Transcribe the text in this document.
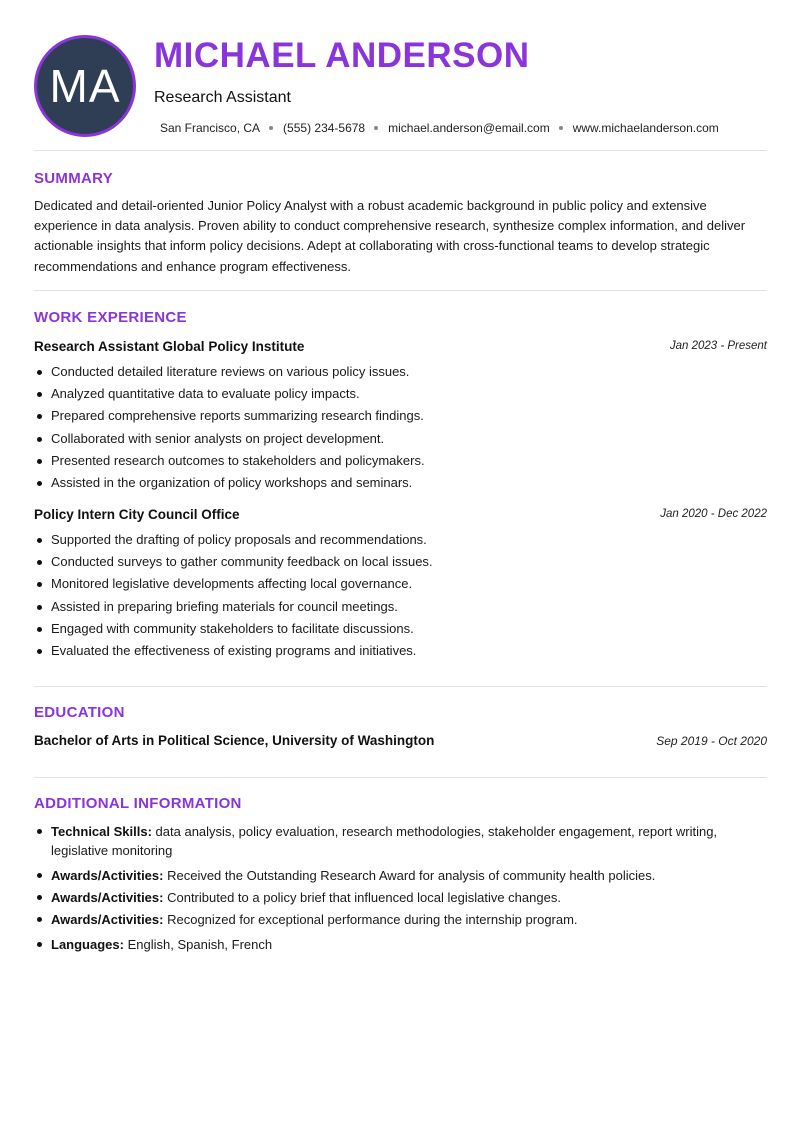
MA
MICHAEL ANDERSON
Research Assistant
San Francisco, CA (555) 234-5678 michael.anderson@email.com www.michaelanderson.com
SUMMARY

Dedicated and detail-oriented Junior Policy Analyst with a robust academic background in public policy and extensive experience in data analysis. Proven ability to conduct comprehensive research, synthesize complex information, and deliver actionable insights that inform policy decisions. Adept at collaborating with cross-functional teams to develop strategic recommendations and enhance program effectiveness.

WORK EXPERIENCE
Research Assistant Global Policy Institute	Jan 2023 - Present
Conducted detailed literature reviews on various policy issues.
Analyzed quantitative data to evaluate policy impacts.
Prepared comprehensive reports summarizing research findings.
Collaborated with senior analysts on project development.
Presented research outcomes to stakeholders and policymakers.
Assisted in the organization of policy workshops and seminars.
Policy Intern City Council Office	Jan 2020 - Dec 2022
Supported the drafting of policy proposals and recommendations.
Conducted surveys to gather community feedback on local issues.
Monitored legislative developments affecting local governance.
Assisted in preparing briefing materials for council meetings.
Engaged with community stakeholders to facilitate discussions.
Evaluated the effectiveness of existing programs and initiatives.
EDUCATION
Bachelor of Arts in Political Science, University of Washington	Sep 2019 - Oct 2020
ADDITIONAL INFORMATION
Technical Skills: data analysis, policy evaluation, research methodologies, stakeholder engagement, report writing, legislative monitoring
Awards/Activities: Received the Outstanding Research Award for analysis of community health policies.
Awards/Activities: Contributed to a policy brief that influenced local legislative changes.
Awards/Activities: Recognized for exceptional performance during the internship program.
Languages: English, Spanish, French
